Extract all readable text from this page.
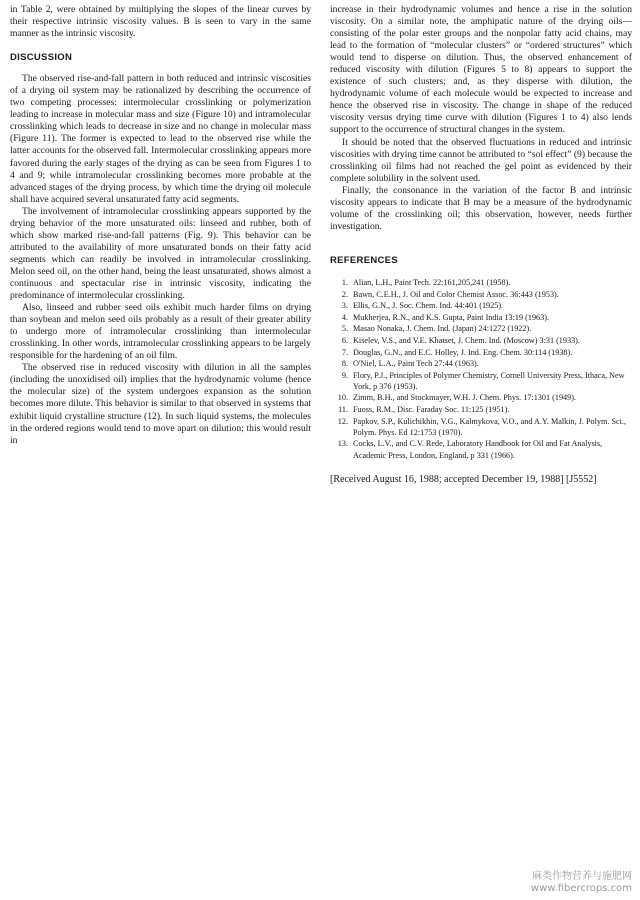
in Table 2, were obtained by multiplying the slopes of the linear curves by their respective intrinsic viscosity values. B is seen to vary in the same manner as the intrinsic viscosity.

DISCUSSION

The observed rise-and-fall pattern in both reduced and intrinsic viscosities of a drying oil system may be rationalized by describing the occurrence of two competing processes: intermolecular crosslinking or polymerization leading to increase in molecular mass and size (Figure 10) and intramolecular crosslinking which leads to decrease in size and no change in molecular mass (Figure 11). The former is expected to lead to the observed rise while the latter accounts for the observed fall. Intermolecular crosslinking appears more favored during the early stages of the drying as can be seen from Figures 1 to 4 and 9; while intramolecular crosslinking becomes more probable at the advanced stages of the drying process, by which time the drying oil molecule shall have acquired several unsaturated fatty acid segments.

The involvement of intramolecular crosslinking appears supported by the drying behavior of the more unsaturated oils: linseed and rubber, both of which show marked rise-and-fall patterns (Fig. 9). This behavior can be attributed to the availability of more unsaturated bonds on their fatty acid segments which can readily be involved in intramolecular crosslinking. Melon seed oil, on the other hand, being the least unsaturated, shows almost a continuous and spectacular rise in intrinsic viscosity, indicating the predominance of intermolecular crosslinking.

Also, linseed and rubber seed oils exhibit much harder films on drying than soybean and melon seed oils probably as a result of their greater ability to undergo more of intramolecular crosslinking than intermolecular crosslinking. In other words, intramolecular crosslinking appears to be largely responsible for the hardening of an oil film.

The observed rise in reduced viscosity with dilution in all the samples (including the unoxidised oil) implies that the hydrodynamic volume (hence the molecular size) of the system undergoes expansion as the solution becomes more dilute. This behavior is similar to that observed in systems that exhibit liquid crystalline structure (12). In such liquid systems, the molecules in the ordered regions would tend to move apart on dilution; this would result in

increase in their hydrodynamic volumes and hence a rise in the solution viscosity. On a similar note, the amphipatic nature of the drying oils—consisting of the polar ester groups and the nonpolar fatty acid chains, may lead to the formation of “molecular clusters” or “ordered structures” which would tend to disperse on dilution. Thus, the observed enhancement of reduced viscosity with dilution (Figures 5 to 8) appears to support the existence of such clusters; and, as they disperse with dilution, the hydrodynamic volume of each molecule would be expected to increase and hence the observed rise in viscosity. The change in shape of the reduced viscosity versus drying time curve with dilution (Figures 1 to 4) also lends support to the occurrence of structural changes in the system.

It should be noted that the observed fluctuations in reduced and intrinsic viscosities with drying time cannot be attributed to “sol effect” (9) because the crosslinking oil films had not reached the gel point as evidenced by their complete solubility in the solvent used.

Finally, the consonance in the variation of the factor B and intrinsic viscosity appears to indicate that B may be a measure of the hydrodynamic volume of the crosslinking oil; this observation, however, needs further investigation.

REFERENCES
1. Alian, L.H., Paint Tech. 22:161,205,241 (1958).
2. Bawn, C.E.H., J. Oil and Color Chemist Assoc. 36:443 (1953).
3. Ellis, G.N., J. Soc. Chem. Ind. 44:401 (1925).
4. Mukherjea, R.N., and K.S. Gupta, Paint India 13:19 (1963).
5. Masao Nonaka, J. Chem. Ind. (Japan) 24:1272 (1922).
6. Kiselev, V.S., and V.E. Khatset, J. Chem. Ind. (Moscow) 3:31 (1933).
7. Douglas, G.N., and E.C. Holley, J. Ind. Eng. Chem. 30:114 (1938).
8. O'Niel, L.A., Paint Tech 27:44 (1963).
9. Flory, P.J., Principles of Polymer Chemistry, Cornell University Press, Ithaca, New York, p 376 (1953).
10. Zimm, B.H., and Stockmayer, W.H. J. Chem. Phys. 17:1301 (1949).
11. Fuoss, R.M., Disc. Faraday Soc. 11:125 (1951).
12. Papkov, S.P., Kulichikhin, V.G., Kalmykova, V.O., and A.Y. Malkin, J. Polym. Sci., Polym. Phys. Ed 12:1753 (1970).
13. Cocks, L.V., and C.V. Rede, Laboratory Handbook for Oil and Fat Analysis, Academic Press, London, England, p 331 (1966).

[Received August 16, 1988; accepted December 19, 1988] [J5552]

麻类作物营养与施肥网
www.fibercrops.com
